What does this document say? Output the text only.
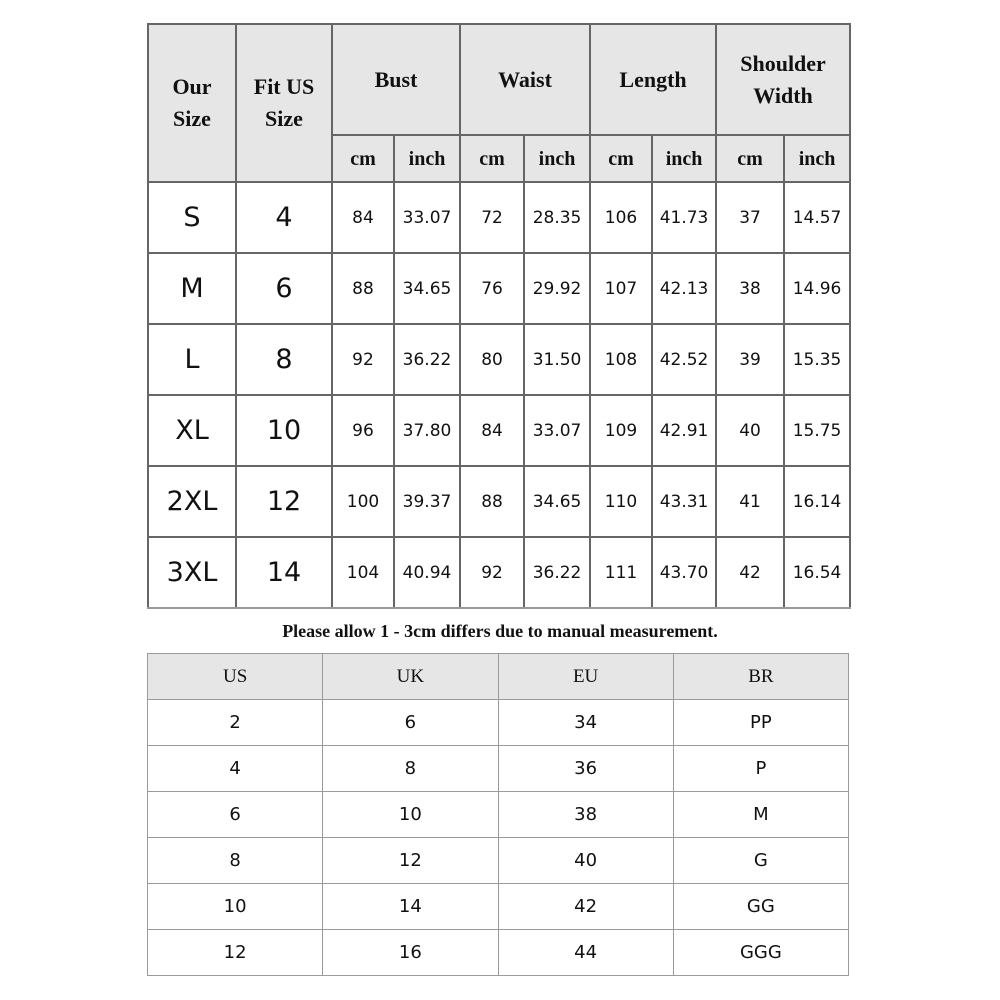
Our Size	Fit US Size	Bust		Waist		Length		Shoulder Width	
		cm	inch	cm	inch	cm	inch	cm	inch
S	4	84	33.07	72	28.35	106	41.73	37	14.57
M	6	88	34.65	76	29.92	107	42.13	38	14.96
L	8	92	36.22	80	31.50	108	42.52	39	15.35
XL	10	96	37.80	84	33.07	109	42.91	40	15.75
2XL	12	100	39.37	88	34.65	110	43.31	41	16.14
3XL	14	104	40.94	92	36.22	111	43.70	42	16.54
Please allow 1 - 3cm differs due to manual measurement.
US	UK	EU	BR
2	6	34	PP
4	8	36	P
6	10	38	M
8	12	40	G
10	14	42	GG
12	16	44	GGG
